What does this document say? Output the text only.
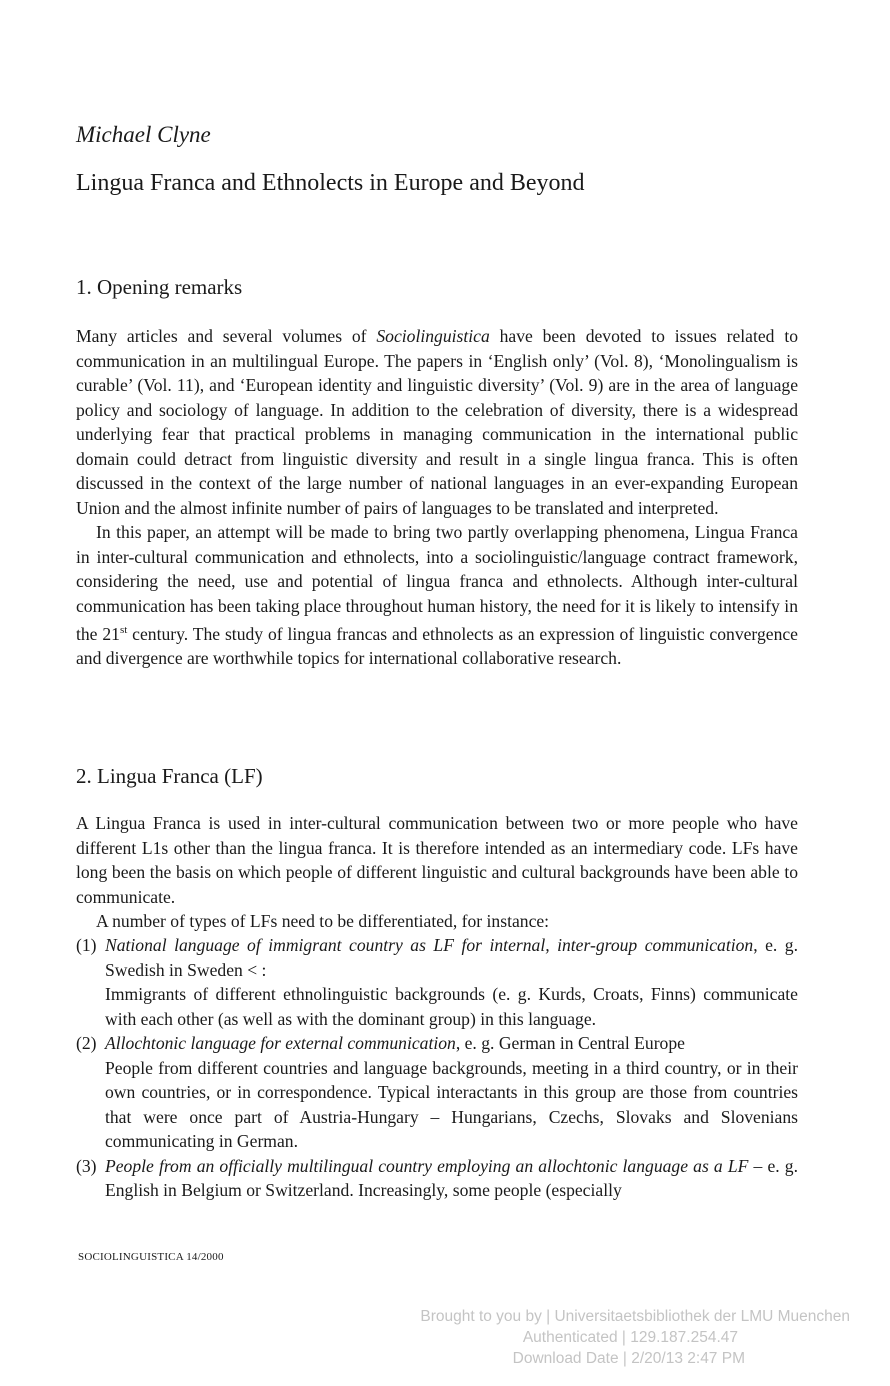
Michael Clyne
Lingua Franca and Ethnolects in Europe and Beyond
1. Opening remarks

Many articles and several volumes of Sociolinguistica have been devoted to issues related to communication in an multilingual Europe. The papers in ‘English only’ (Vol. 8), ‘Monolingualism is curable’ (Vol. 11), and ‘European identity and linguistic diversity’ (Vol. 9) are in the area of language policy and sociology of language. In addition to the celebration of diversity, there is a widespread underlying fear that practical problems in managing communication in the international public domain could detract from linguistic diversity and result in a single lingua franca. This is often discussed in the context of the large number of national languages in an ever-expanding European Union and the almost infinite number of pairs of languages to be translated and interpreted.

In this paper, an attempt will be made to bring two partly overlapping phenomena, Lingua Franca in inter-cultural communication and ethnolects, into a sociolinguistic/language contract framework, considering the need, use and potential of lingua franca and ethnolects. Although inter-cultural communication has been taking place throughout human history, the need for it is likely to intensify in the 21st century. The study of lingua francas and ethnolects as an expression of linguistic convergence and divergence are worthwhile topics for international collaborative research.

2. Lingua Franca (LF)

A Lingua Franca is used in inter-cultural communication between two or more people who have different L1s other than the lingua franca. It is therefore intended as an intermediary code. LFs have long been the basis on which people of different linguistic and cultural backgrounds have been able to communicate.

A number of types of LFs need to be differentiated, for instance:

(1) National language of immigrant country as LF for internal, inter-group communication, e. g. Swedish in Sweden < :

Immigrants of different ethnolinguistic backgrounds (e. g. Kurds, Croats, Finns) communicate with each other (as well as with the dominant group) in this language.

(2) Allochtonic language for external communication, e. g. German in Central Europe

People from different countries and language backgrounds, meeting in a third country, or in their own countries, or in correspondence. Typical interactants in this group are those from countries that were once part of Austria-Hungary – Hungarians, Czechs, Slovaks and Slovenians communicating in German.

(3) People from an officially multilingual country employing an allochtonic language as a LF – e. g. English in Belgium or Switzerland. Increasingly, some people (especially

SOCIOLINGUISTICA 14/2000
Brought to you by | Universitaetsbibliothek der LMU Muenchen
Authenticated | 129.187.254.47
Download Date | 2/20/13 2:47 PM
